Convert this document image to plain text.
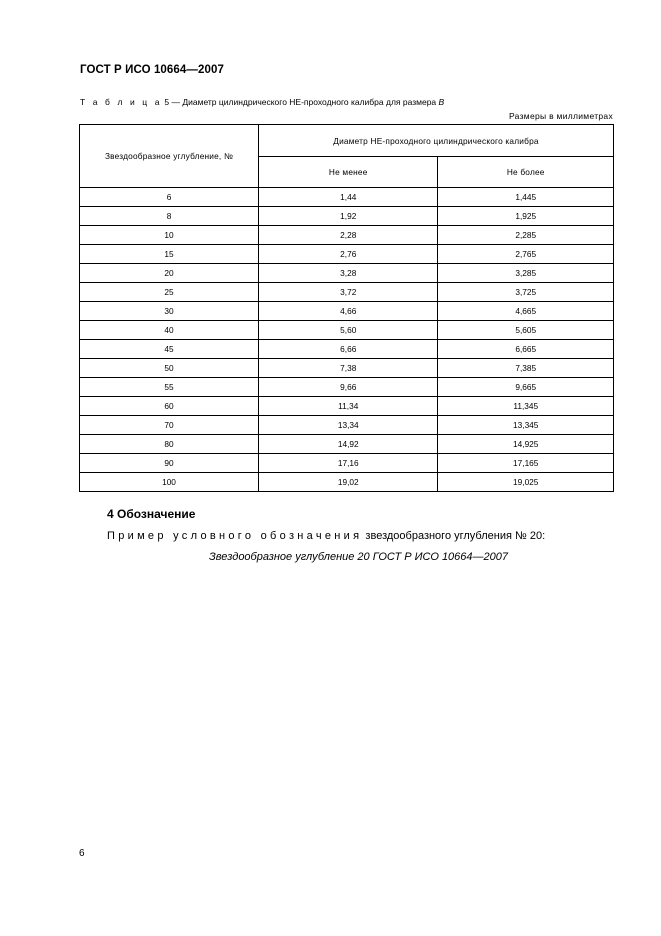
ГОСТ Р ИСО 10664—2007
Т а б л и ц а 5 — Диаметр цилиндрического НЕ-проходного калибра для размера B
Размеры в миллиметрах
Звездообразное углубление, №	Диаметр НЕ-проходного цилиндрического калибра	
	Не менее	Не более
6	1,44	1,445
8	1,92	1,925
10	2,28	2,285
15	2,76	2,765
20	3,28	3,285
25	3,72	3,725
30	4,66	4,665
40	5,60	5,605
45	6,66	6,665
50	7,38	7,385
55	9,66	9,665
60	11,34	11,345
70	13,34	13,345
80	14,92	14,925
90	17,16	17,165
100	19,02	19,025
4 Обозначение
Пример условного обозначения звездообразного углубления № 20:
Звездообразное углубление 20 ГОСТ Р ИСО 10664—2007
6
